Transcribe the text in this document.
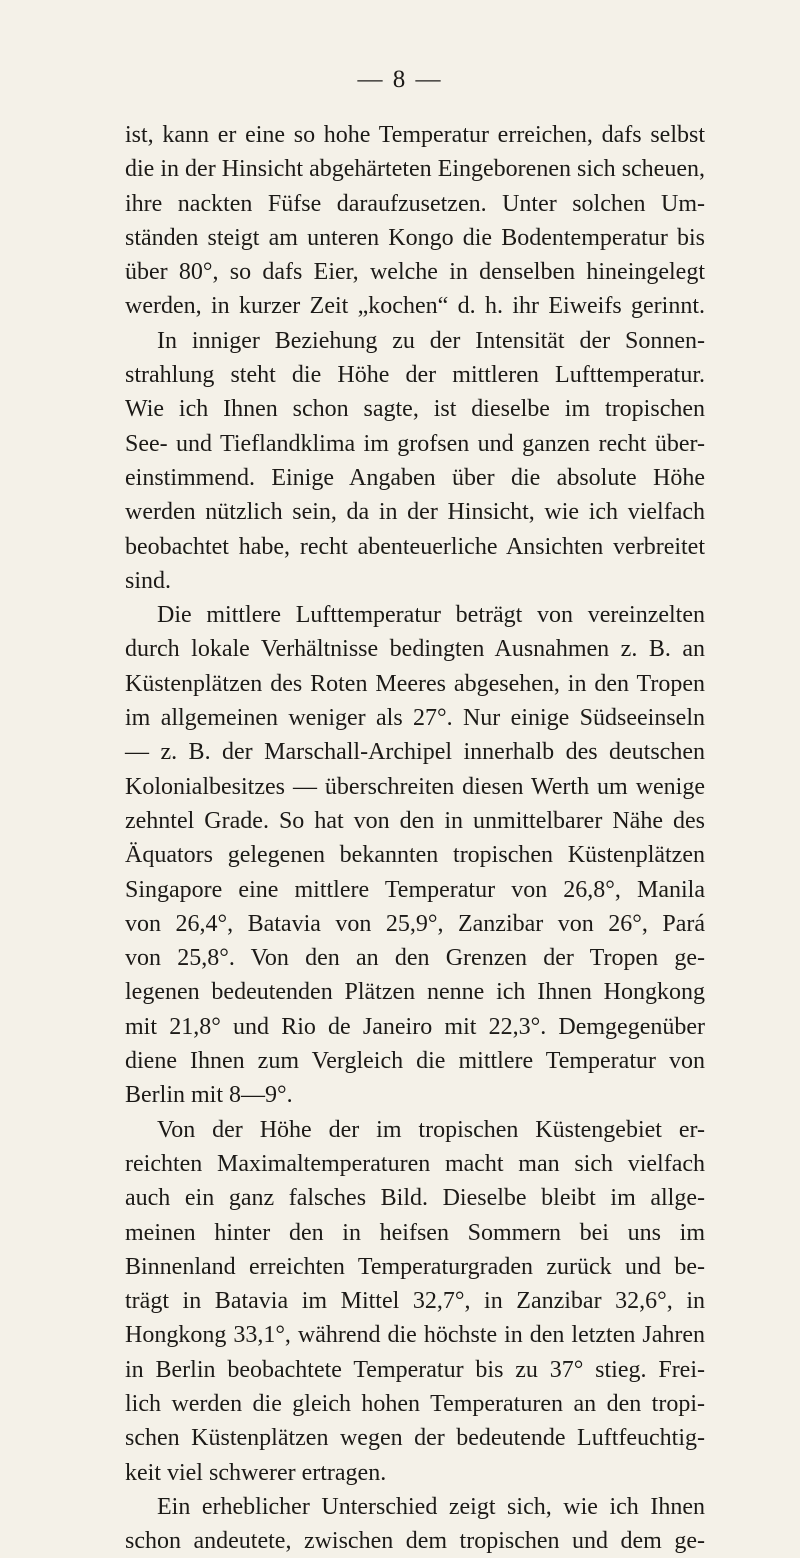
— 8 —
ist, kann er eine so hohe Temperatur erreichen, dafs selbst
die in der Hinsicht abgehärteten Eingeborenen sich scheuen,
ihre nackten Füfse daraufzusetzen. Unter solchen Um-
ständen steigt am unteren Kongo die Bodentemperatur bis
über 80°, so dafs Eier, welche in denselben hineingelegt
werden, in kurzer Zeit „kochen“ d. h. ihr Eiweifs gerinnt.
In inniger Beziehung zu der Intensität der Sonnen-
strahlung steht die Höhe der mittleren Lufttemperatur.
Wie ich Ihnen schon sagte, ist dieselbe im tropischen
See- und Tieflandklima im grofsen und ganzen recht über-
einstimmend. Einige Angaben über die absolute Höhe
werden nützlich sein, da in der Hinsicht, wie ich vielfach
beobachtet habe, recht abenteuerliche Ansichten verbreitet
sind.
Die mittlere Lufttemperatur beträgt von vereinzelten
durch lokale Verhältnisse bedingten Ausnahmen z. B. an
Küstenplätzen des Roten Meeres abgesehen, in den Tropen
im allgemeinen weniger als 27°. Nur einige Südseeinseln
— z. B. der Marschall-Archipel innerhalb des deutschen
Kolonialbesitzes — überschreiten diesen Werth um wenige
zehntel Grade. So hat von den in unmittelbarer Nähe des
Äquators gelegenen bekannten tropischen Küstenplätzen
Singapore eine mittlere Temperatur von 26,8°, Manila
von 26,4°, Batavia von 25,9°, Zanzibar von 26°, Pará
von 25,8°. Von den an den Grenzen der Tropen ge-
legenen bedeutenden Plätzen nenne ich Ihnen Hongkong
mit 21,8° und Rio de Janeiro mit 22,3°. Demgegenüber
diene Ihnen zum Vergleich die mittlere Temperatur von
Berlin mit 8—9°.
Von der Höhe der im tropischen Küstengebiet er-
reichten Maximaltemperaturen macht man sich vielfach
auch ein ganz falsches Bild. Dieselbe bleibt im allge-
meinen hinter den in heifsen Sommern bei uns im
Binnenland erreichten Temperaturgraden zurück und be-
trägt in Batavia im Mittel 32,7°, in Zanzibar 32,6°, in
Hongkong 33,1°, während die höchste in den letzten Jahren
in Berlin beobachtete Temperatur bis zu 37° stieg. Frei-
lich werden die gleich hohen Temperaturen an den tropi-
schen Küstenplätzen wegen der bedeutende Luftfeuchtig-
keit viel schwerer ertragen.
Ein erheblicher Unterschied zeigt sich, wie ich Ihnen
schon andeutete, zwischen dem tropischen und dem ge-
